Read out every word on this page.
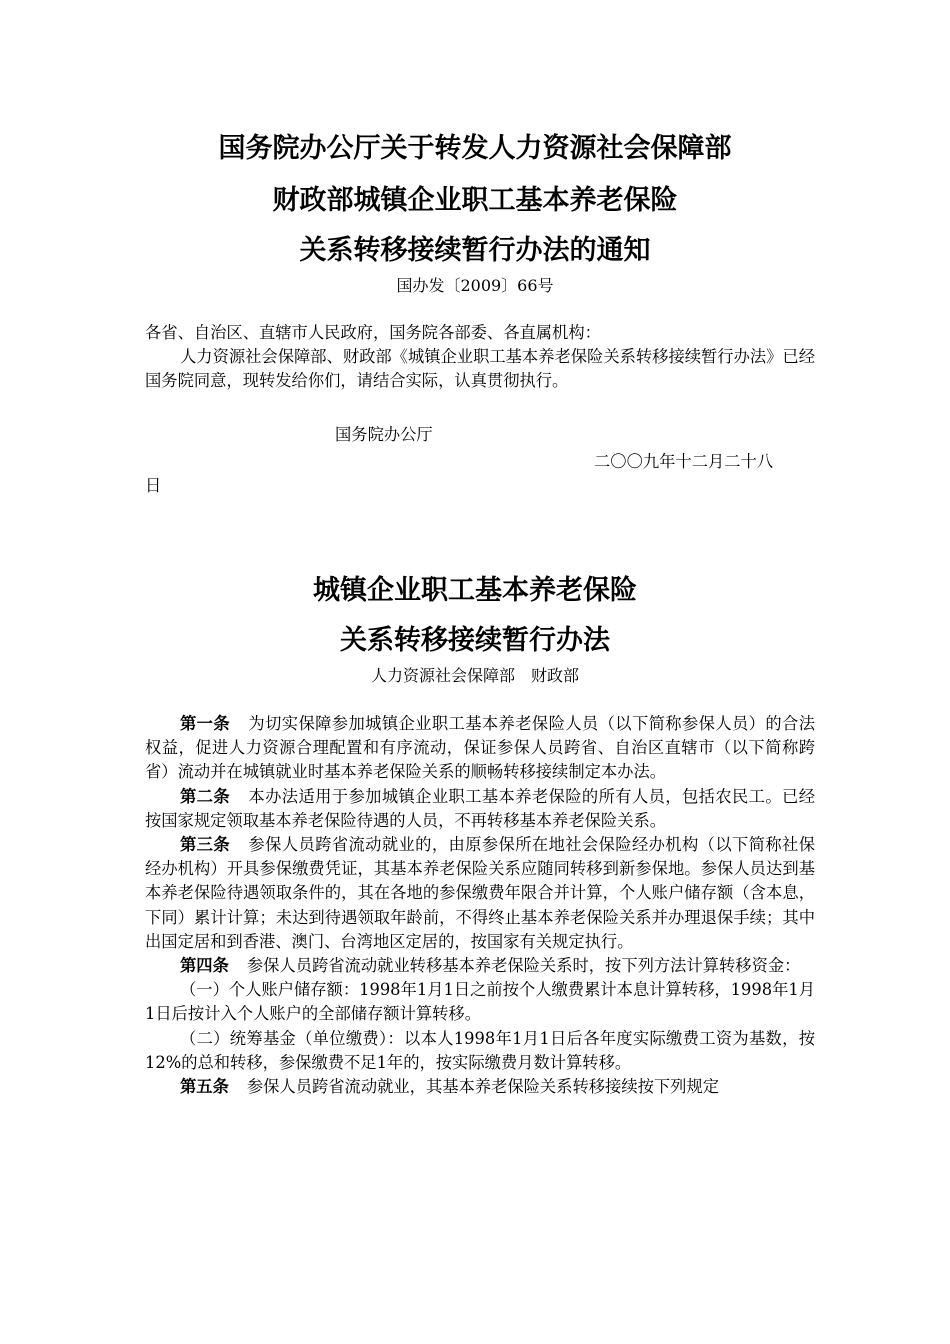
国务院办公厅关于转发人力资源社会保障部
财政部城镇企业职工基本养老保险
关系转移接续暂行办法的通知
国办发〔2009〕66号

各省、自治区、直辖市人民政府，国务院各部委、各直属机构：

人力资源社会保障部、财政部《城镇企业职工基本养老保险关系转移接续暂行办法》已经国务院同意，现转发给你们，请结合实际，认真贯彻执行。

国务院办公厅
二〇〇九年十二月二十八
日
城镇企业职工基本养老保险
关系转移接续暂行办法
人力资源社会保障部　财政部

第一条 为切实保障参加城镇企业职工基本养老保险人员（以下简称参保人员）的合法权益，促进人力资源合理配置和有序流动，保证参保人员跨省、自治区直辖市（以下简称跨省）流动并在城镇就业时基本养老保险关系的顺畅转移接续制定本办法。

第二条 本办法适用于参加城镇企业职工基本养老保险的所有人员，包括农民工。已经按国家规定领取基本养老保险待遇的人员，不再转移基本养老保险关系。

第三条 参保人员跨省流动就业的，由原参保所在地社会保险经办机构（以下简称社保经办机构）开具参保缴费凭证，其基本养老保险关系应随同转移到新参保地。参保人员达到基本养老保险待遇领取条件的，其在各地的参保缴费年限合并计算，个人账户储存额（含本息，下同）累计计算；未达到待遇领取年龄前，不得终止基本养老保险关系并办理退保手续；其中出国定居和到香港、澳门、台湾地区定居的，按国家有关规定执行。

第四条 参保人员跨省流动就业转移基本养老保险关系时，按下列方法计算转移资金：

（一）个人账户储存额：1998年1月1日之前按个人缴费累计本息计算转移，1998年1月1日后按计入个人账户的全部储存额计算转移。

（二）统筹基金（单位缴费）：以本人1998年1月1日后各年度实际缴费工资为基数，按12%的总和转移，参保缴费不足1年的，按实际缴费月数计算转移。

第五条 参保人员跨省流动就业，其基本养老保险关系转移接续按下列规定
